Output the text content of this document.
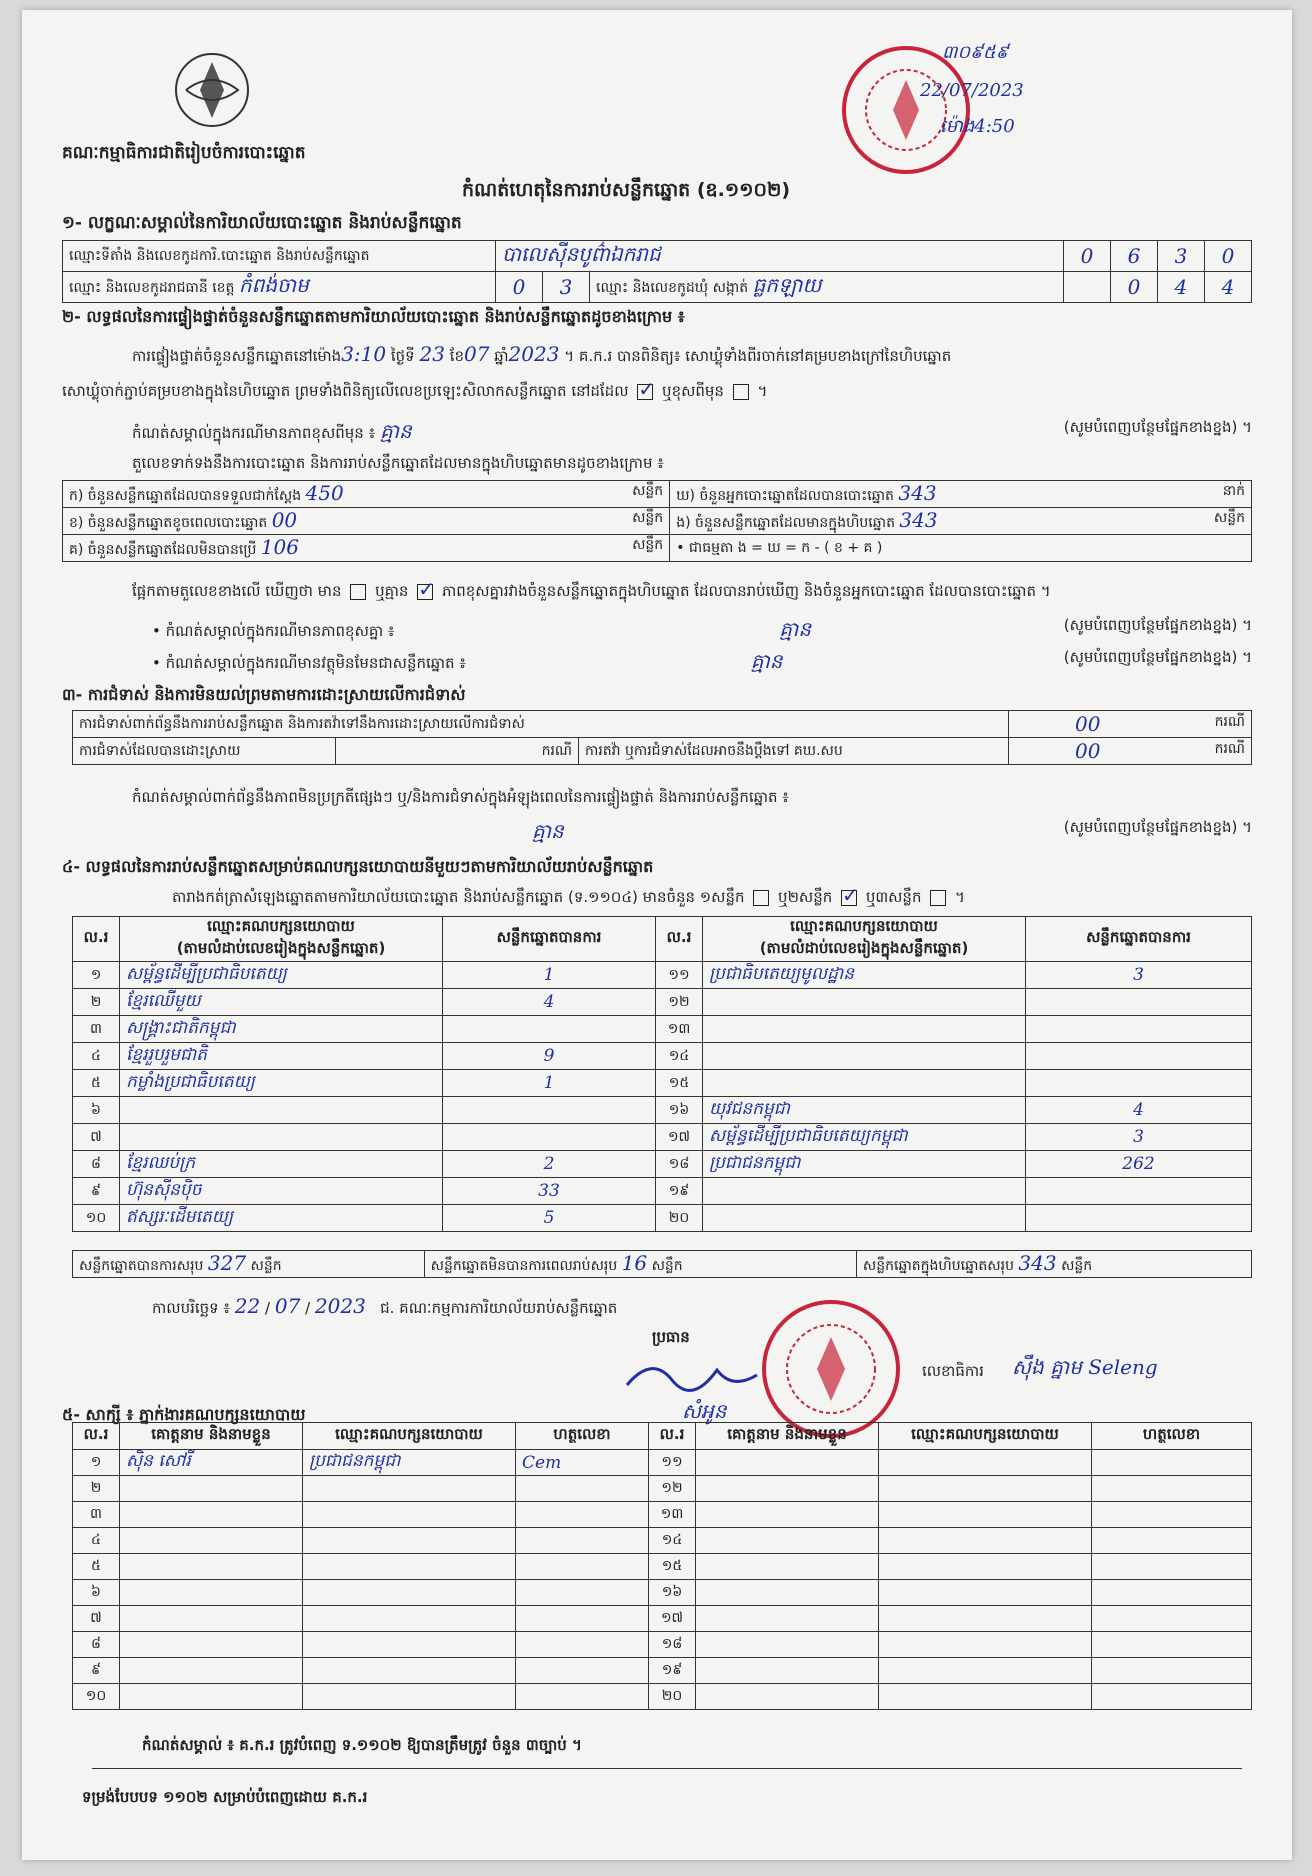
គណៈកម្មាធិការជាតិរៀបចំការបោះឆ្នោត
៣០៩៥៩
22/07/2023
ម៉ោង4:50
កំណត់ហេតុនៃការរាប់សន្លឹកឆ្នោត (ឧ.១១០២)
១- លក្ខណៈសម្គាល់នៃការិយាល័យបោះឆ្នោត និងរាប់សន្លឹកឆ្នោត
ឈ្មោះទីតាំង និងលេខកូដការិ.បោះឆ្នោត និងរាប់សន្លឹកឆ្នោត	បាលេស៊ីនបូព៌ាឯករាជ			0	6	3	0
ឈ្មោះ និងលេខកូដរាជធានី ខេត្ត កំពង់ចាម	0	3	ឈ្មោះ និងលេខកូដឃុំ សង្កាត់ ធ្លកឡាយ		0	4	4
២- លទ្ធផលនៃការផ្ទៀងផ្ទាត់ចំនួនសន្លឹកឆ្នោតតាមការិយាល័យបោះឆ្នោត និងរាប់សន្លឹកឆ្នោតដូចខាងក្រោម ៖
ការផ្ទៀងផ្ទាត់ចំនួនសន្លឹកឆ្នោតនៅម៉ោង3:10 ថ្ងៃទី 23 ខែ07 ឆ្នាំ2023 ។ គ.ក.រ បានពិនិត្យ៖ សោឃ្លុំទាំងពីរចាក់នៅគម្របខាងក្រៅនៃហិបឆ្នោត
សោឃ្លុំចាក់ភ្ជាប់គម្របខាងក្នុងនៃហិបឆ្នោត ព្រមទាំងពិនិត្យលើលេខប្រឡេះសិលាកសន្លឹកឆ្នោត នៅដដែល ✓ ឬខុសពីមុន  ។
កំណត់សម្គាល់ក្នុងករណីមានភាពខុសពីមុន ៖ គ្មាន	(សូមបំពេញបន្ថែមផ្នែកខាងខ្នង) ។
តួលេខទាក់ទងនឹងការបោះឆ្នោត និងការរាប់សន្លឹកឆ្នោតដែលមានក្នុងហិបឆ្នោតមានដូចខាងក្រោម ៖
ក) ចំនួនសន្លឹកឆ្នោតដែលបានទទួលជាក់ស្តែង 450 សន្លឹក	ឃ) ចំនួនអ្នកបោះឆ្នោតដែលបានបោះឆ្នោត 343 នាក់

ខ) ចំនួនសន្លឹកឆ្នោតខូចពេលបោះឆ្នោត 00 សន្លឹក	ង) ចំនួនសន្លឹកឆ្នោតដែលមានក្នុងហិបឆ្នោត 343 សន្លឹក

គ) ចំនួនសន្លឹកឆ្នោតដែលមិនបានប្រើ 106 សន្លឹក	• ជាធម្មតា ង = ឃ = ក - ( ខ + គ )
ផ្អែកតាមតួលេខខាងលើ ឃើញថា មាន ឬគ្មាន ✓ ភាពខុសគ្នារវាងចំនួនសន្លឹកឆ្នោតក្នុងហិបឆ្នោត ដែលបានរាប់ឃើញ និងចំនួនអ្នកបោះឆ្នោត ដែលបានបោះឆ្នោត ។
• កំណត់សម្គាល់ក្នុងករណីមានភាពខុសគ្នា ៖	គ្មាន	(សូមបំពេញបន្ថែមផ្នែកខាងខ្នង) ។
• កំណត់សម្គាល់ក្នុងករណីមានវត្ថុមិនមែនជាសន្លឹកឆ្នោត ៖	គ្មាន	(សូមបំពេញបន្ថែមផ្នែកខាងខ្នង) ។
៣- ការជំទាស់ និងការមិនយល់ព្រមតាមការដោះស្រាយលើការជំទាស់
ការជំទាស់ពាក់ព័ន្ធនឹងការរាប់សន្លឹកឆ្នោត និងការតវ៉ាទៅនឹងការដោះស្រាយលើការជំទាស់			00 ករណី

ការជំទាស់ដែលបានដោះស្រាយ	ករណី	ការតវ៉ា ឬការជំទាស់ដែលអាចនឹងប្តឹងទៅ គឃ.សប	00 ករណី
កំណត់សម្គាល់ពាក់ព័ន្ធនឹងភាពមិនប្រក្រតីផ្សេងៗ ឬ/និងការជំទាស់ក្នុងអំឡុងពេលនៃការផ្ទៀងផ្ទាត់ និងការរាប់សន្លឹកឆ្នោត ៖
គ្មាន	(សូមបំពេញបន្ថែមផ្នែកខាងខ្នង) ។
៤- លទ្ធផលនៃការរាប់សន្លឹកឆ្នោតសម្រាប់គណបក្សនយោបាយនីមួយៗតាមការិយាល័យរាប់សន្លឹកឆ្នោត
តារាងកត់ត្រាសំឡេងឆ្នោតតាមការិយាល័យបោះឆ្នោត និងរាប់សន្លឹកឆ្នោត (ទ.១១០៤) មានចំនួន ១សន្លឹក ឬ២សន្លឹក ✓ ឬ៣សន្លឹក  ។
ល.រ	ឈ្មោះគណបក្សនយោបាយ
(តាមលំដាប់លេខរៀងក្នុងសន្លឹកឆ្នោត)	សន្លឹកឆ្នោតបានការ	ល.រ	ឈ្មោះគណបក្សនយោបាយ
(តាមលំដាប់លេខរៀងក្នុងសន្លឹកឆ្នោត)	សន្លឹកឆ្នោតបានការ
១	សម្ព័ន្ធដើម្បីប្រជាធិបតេយ្យ	1	១១	ប្រជាធិបតេយ្យមូលដ្ឋាន	3
២	ខ្មែរឈើមួយ	4	១២		
៣	សង្គ្រាះជាតិកម្ពុជា		១៣		
៤	ខ្មែររួបរួមជាតិ	9	១៤		
៥	កម្លាំងប្រជាធិបតេយ្យ	1	១៥		
៦			១៦	យុវជនកម្ពុជា	4
៧			១៧	សម្ព័ន្ធដើម្បីប្រជាធិបតេយ្យកម្ពុជា	3
៨	ខ្មែរឈប់ក្រ	2	១៨	ប្រជាជនកម្ពុជា	262
៩	ហ៊ុនស៊ីនប៉ិច	33	១៩		
១០	ឥស្សរៈដើមតេយ្យ	5	២០		
សន្លឹកឆ្នោតបានការសរុប 327 សន្លឹក	សន្លឹកឆ្នោតមិនបានការពេលរាប់សរុប 16 សន្លឹក	សន្លឹកឆ្នោតក្នុងហិបឆ្នោតសរុប 343 សន្លឹក
កាលបរិច្ឆេទ ៖ 22 / 07 / 2023 ជ. គណៈកម្មការការិយាល័យរាប់សន្លឹកឆ្នោត
ប្រធាន
សំអូន
លេខាធិការ ស៊ឹង គ្នាម Seleng
៥- សាក្សី ៖ ភ្នាក់ងារគណបក្សនយោបាយ
ល.រ	គោត្តនាម និងនាមខ្លួន	ឈ្មោះគណបក្សនយោបាយ	ហត្ថលេខា	ល.រ	គោត្តនាម និងនាមខ្លួន	ឈ្មោះគណបក្សនយោបាយ	ហត្ថលេខា
១	ស៊ិន សៅរី	ប្រជាជនកម្ពុជា	Cem	១១			
២				១២			
៣				១៣			
៤				១៤			
៥				១៥			
៦				១៦			
៧				១៧			
៨				១៨			
៩				១៩			
១០				២០			
កំណត់សម្គាល់ ៖ គ.ក.រ ត្រូវបំពេញ ទ.១១០២ ឱ្យបានត្រឹមត្រូវ ចំនួន ៣ច្បាប់ ។
ទម្រង់បែបបទ ១១០២ សម្រាប់បំពេញដោយ គ.ក.រ
